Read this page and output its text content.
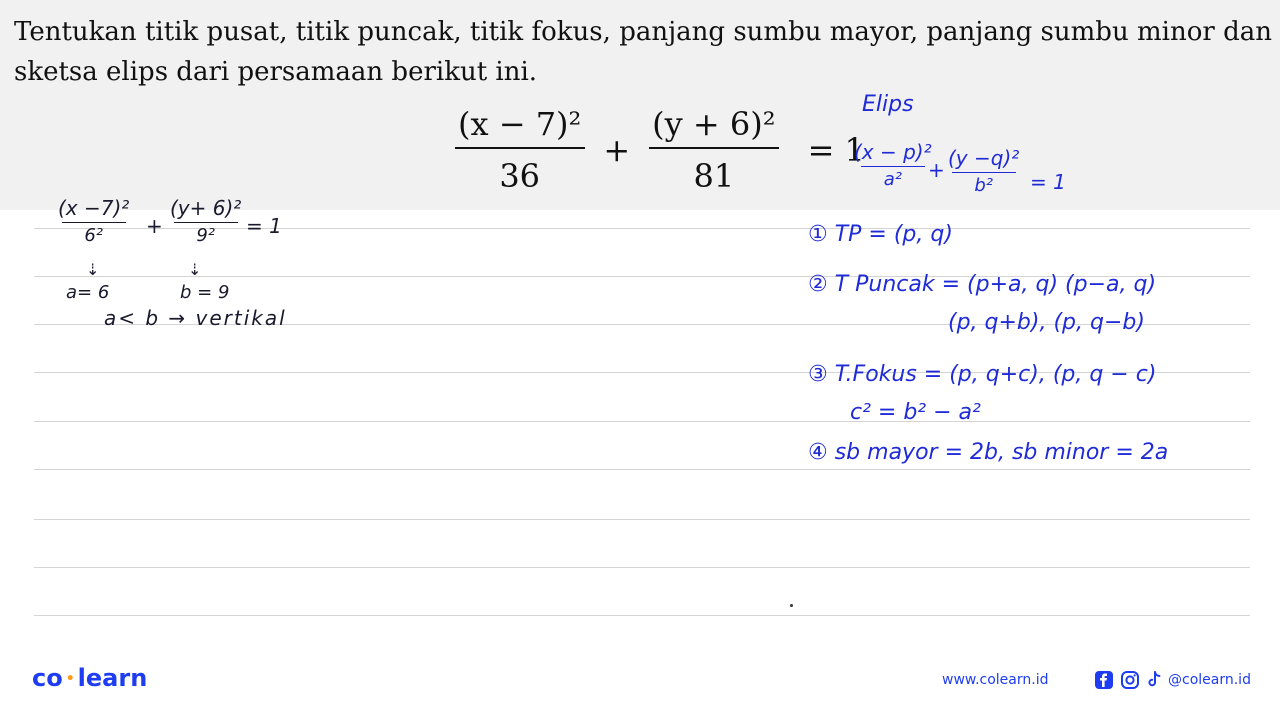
Tentukan titik pusat, titik puncak, titik fokus, panjang sumbu mayor, panjang sumbu minor dan sketsa elips dari persamaan berikut ini.
$\frac{\text{(x − 7)²}}{36} + \frac{\text{(y + 6)²}}{81} = 1$
$\frac{\text{(x −7)²}}{\text{6²}} + \frac{\text{(y+ 6)²}}{\text{9²}} = 1$
⇣	⇣
a= 6	b = 9
a< b → vertikal
Elips
$\frac{\text{(x − p)²}}{\text{a²}}$
+ $\frac{\text{(y −q)²}}{\text{b²}} = 1$
① TP = (p, q)
② T Puncak = (p+a, q) (p−a, q)
(p, q+b), (p, q−b)
③ T.Fokus = (p, q+c), (p, q − c)
c² = b² − a²
④ sb mayor = 2b, sb minor = 2a
co • learn	www.colearn.id	@colearn.id
